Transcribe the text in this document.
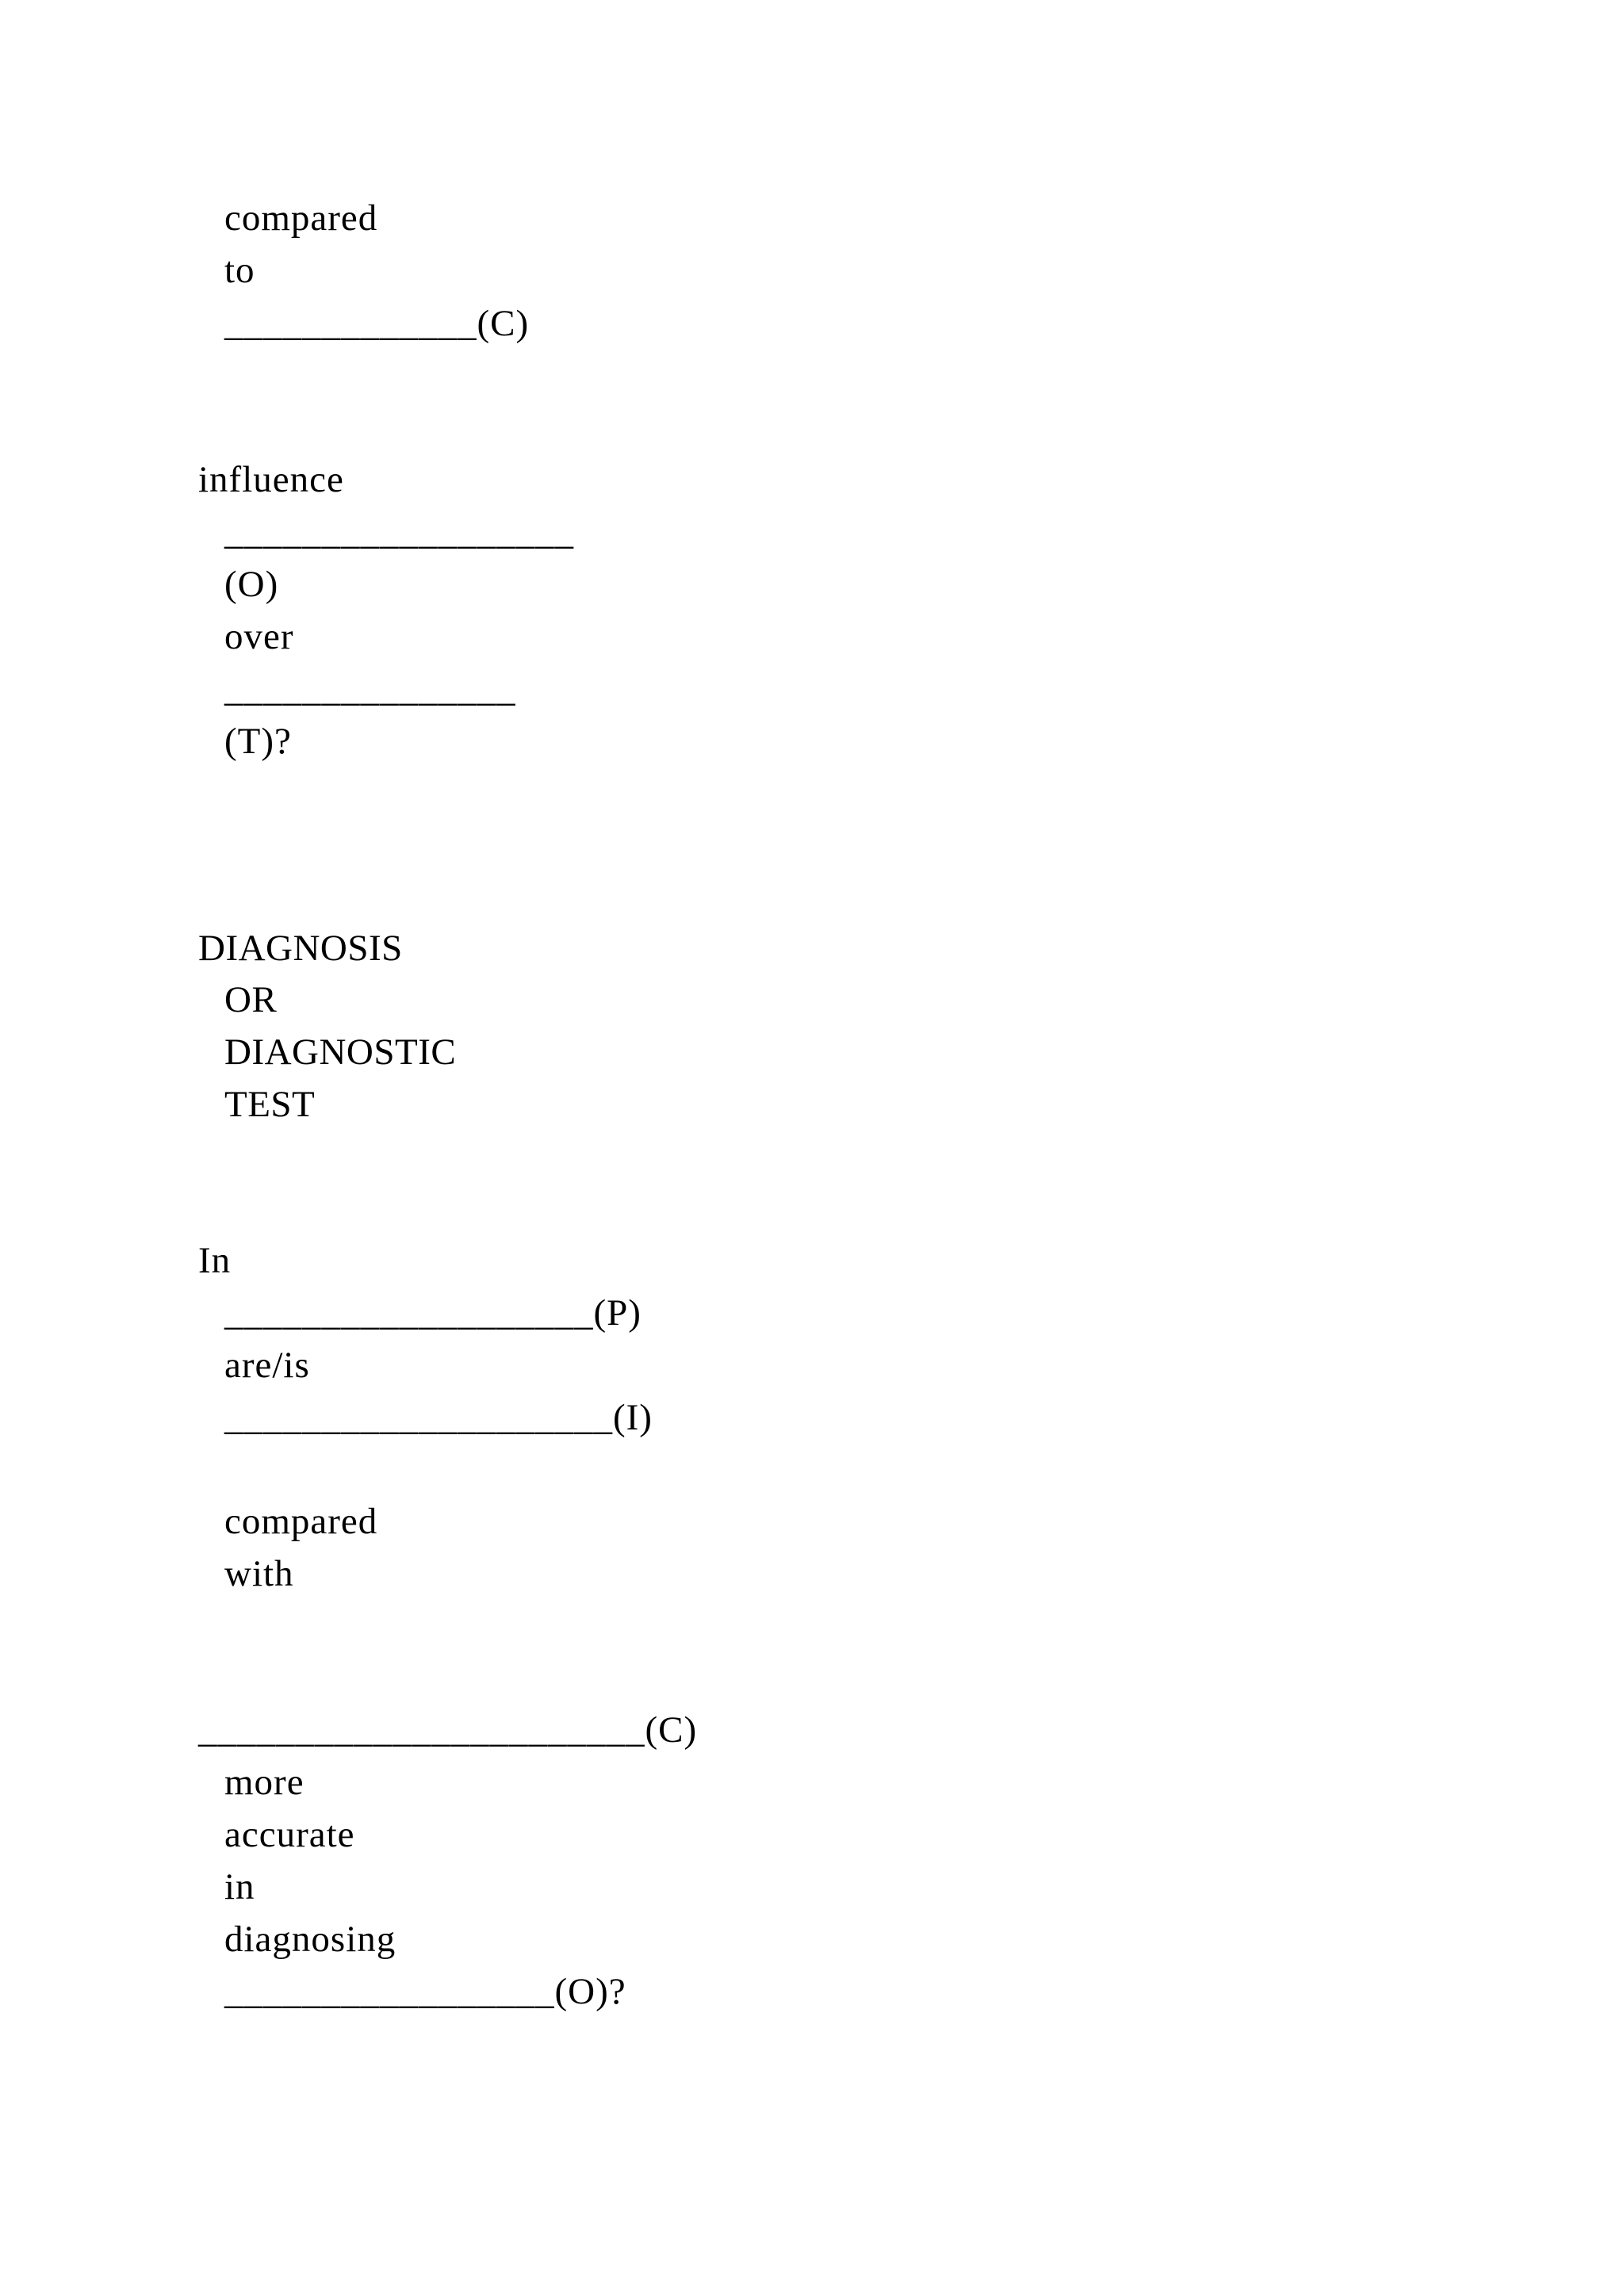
compared
to
_____________(C)
influence
__________________
(O)
over
_______________
(T)?
DIAGNOSIS
OR
DIAGNOSTIC
TEST
In
___________________(P)
are/is
____________________(I)
compared
with
_______________________(C)
more
accurate
in
diagnosing
_________________(O)?
